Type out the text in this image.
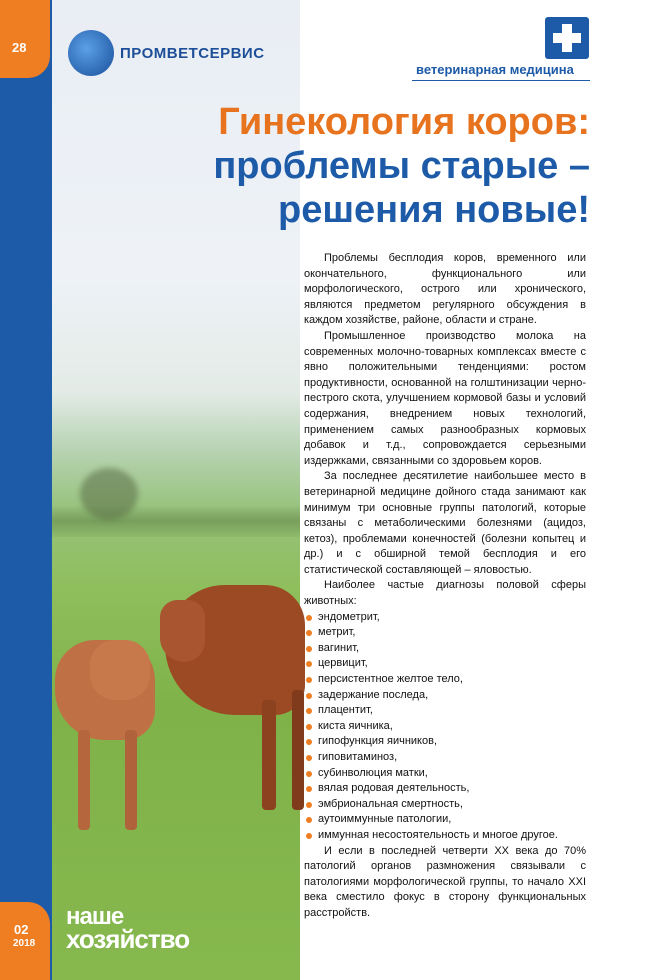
28
02
2018
ПРОМВЕТСЕРВИС
ветеринарная медицина
Гинекология коров:
проблемы старые –
решения новые!

Проблемы бесплодия коров, временного или окончательного, функционального или морфологического, острого или хронического, являются предметом регулярного обсуждения в каждом хозяйстве, районе, области и стране.

Промышленное производство молока на современных молочно-товарных комплексах вместе с явно положительными тенденциями: ростом продуктивности, основанной на голштинизации черно-пестрого скота, улучшением кормовой базы и условий содержания, внедрением новых технологий, применением самых разнообразных кормовых добавок и т.д., сопровождается серьезными издержками, связанными со здоровьем коров.

За последнее десятилетие наибольшее место в ветеринарной медицине дойного стада занимают как минимум три основные группы патологий, которые связаны с метаболическими болезнями (ацидоз, кетоз), проблемами конечностей (болезни копытец и др.) и с обширной темой бесплодия и его статистической составляющей – яловостью.

Наиболее частые диагнозы половой сферы животных:

эндометрит,
метрит,
вагинит,
цервицит,
персистентное желтое тело,
задержание последа,
плацентит,
киста яичника,
гипофункция яичников,
гиповитаминоз,
субинволюция матки,
вялая родовая деятельность,
эмбриональная смертность,
аутоиммунные патологии,
иммунная несостоятельность и многое другое.

И если в последней четверти XX века до 70% патологий органов размножения связывали с патологиями морфологической группы, то начало XXI века сместило фокус в сторону функциональных расстройств.

наше
хозяйство
